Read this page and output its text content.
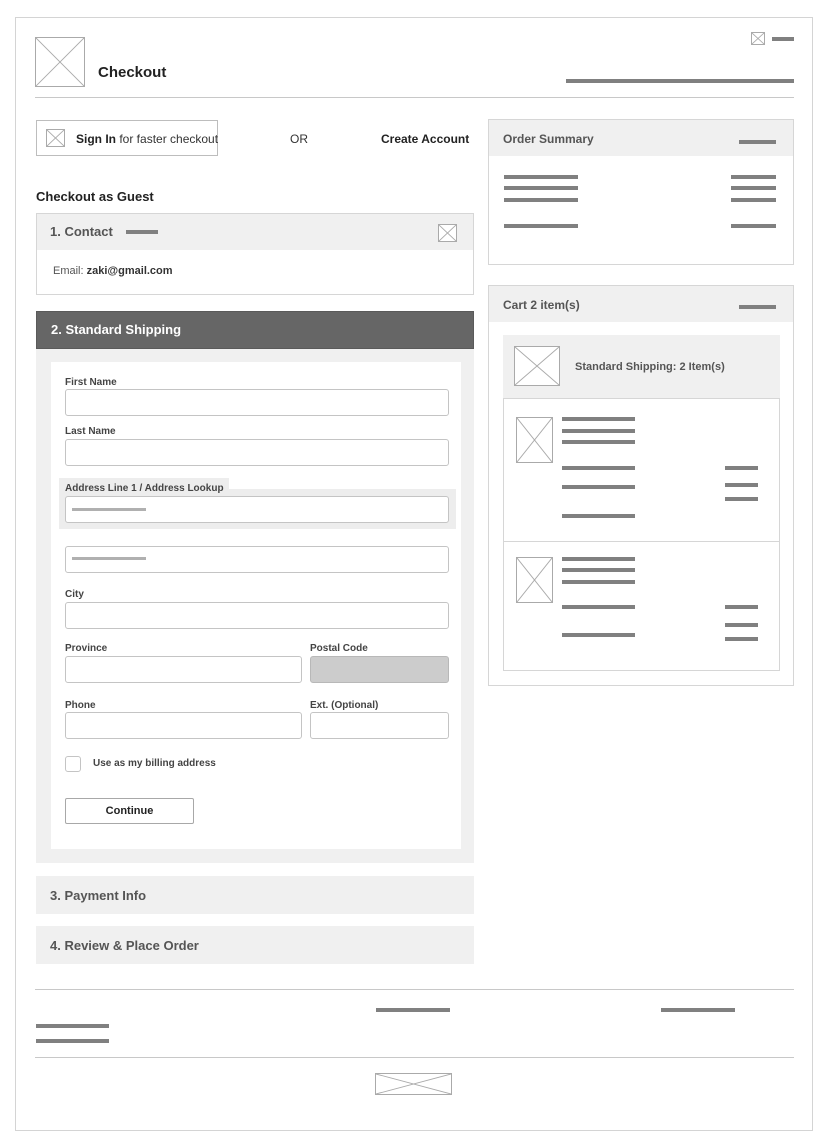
Checkout
Sign In for faster checkout	OR	Create Account
Checkout as Guest
1. Contact
Email: zaki@gmail.com
2. Standard Shipping
First Name
Last Name
Address Line 1 / Address Lookup
City
Province	Postal Code
Phone	Ext. (Optional)
Use as my billing address
Continue
3. Payment Info
4. Review & Place Order
Order Summary
Cart 2 item(s)
Standard Shipping: 2 Item(s)
